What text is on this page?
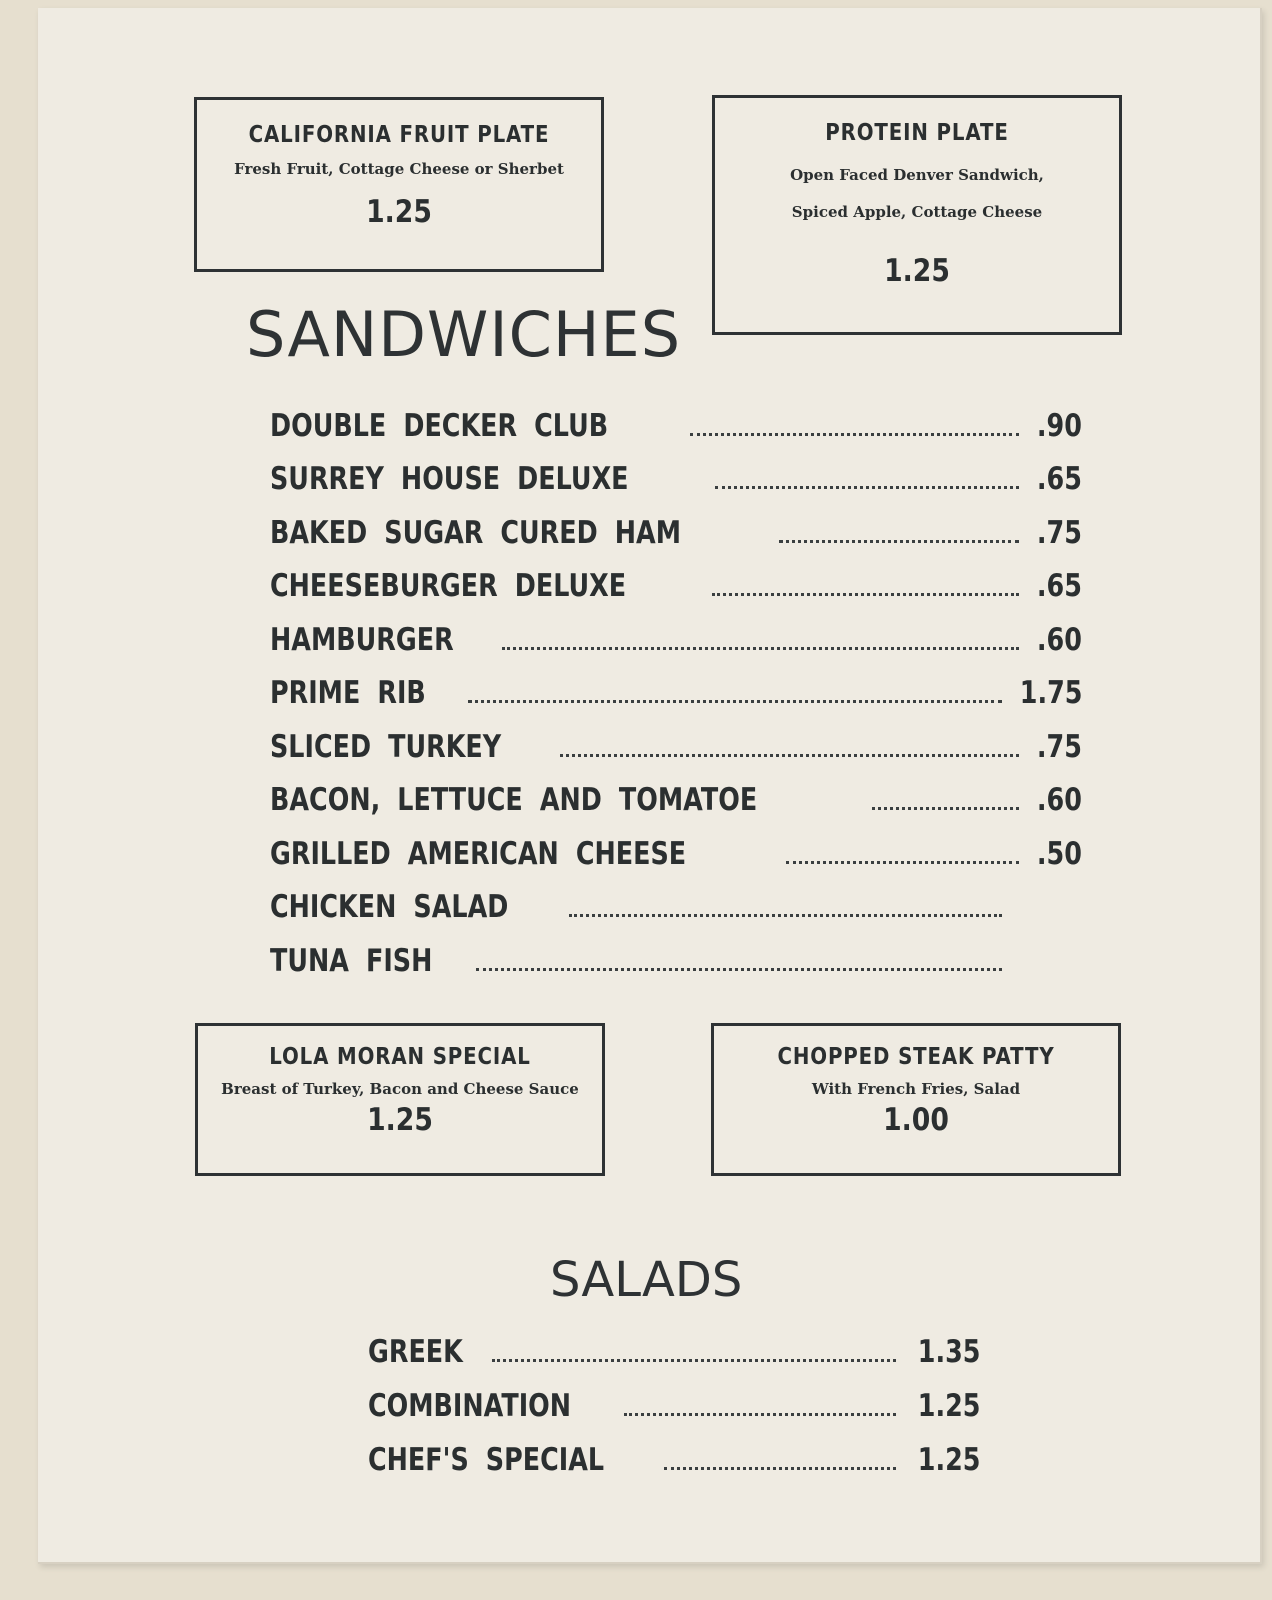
CALIFORNIA FRUIT PLATE
Fresh Fruit, Cottage Cheese or Sherbet
1.25
PROTEIN PLATE
Open Faced Denver Sandwich,
Spiced Apple, Cottage Cheese
1.25
SANDWICHES
DOUBLE DECKER CLUB	.90
SURREY HOUSE DELUXE	.65
BAKED SUGAR CURED HAM	.75
CHEESEBURGER DELUXE	.65
HAMBURGER	.60
PRIME RIB	1.75
SLICED TURKEY	.75
BACON, LETTUCE AND TOMATOE	.60
GRILLED AMERICAN CHEESE	.50
CHICKEN SALAD
TUNA FISH
LOLA MORAN SPECIAL
Breast of Turkey, Bacon and Cheese Sauce
1.25
CHOPPED STEAK PATTY
With French Fries, Salad
1.00
SALADS
GREEK	1.35
COMBINATION	1.25
CHEF'S SPECIAL	1.25
